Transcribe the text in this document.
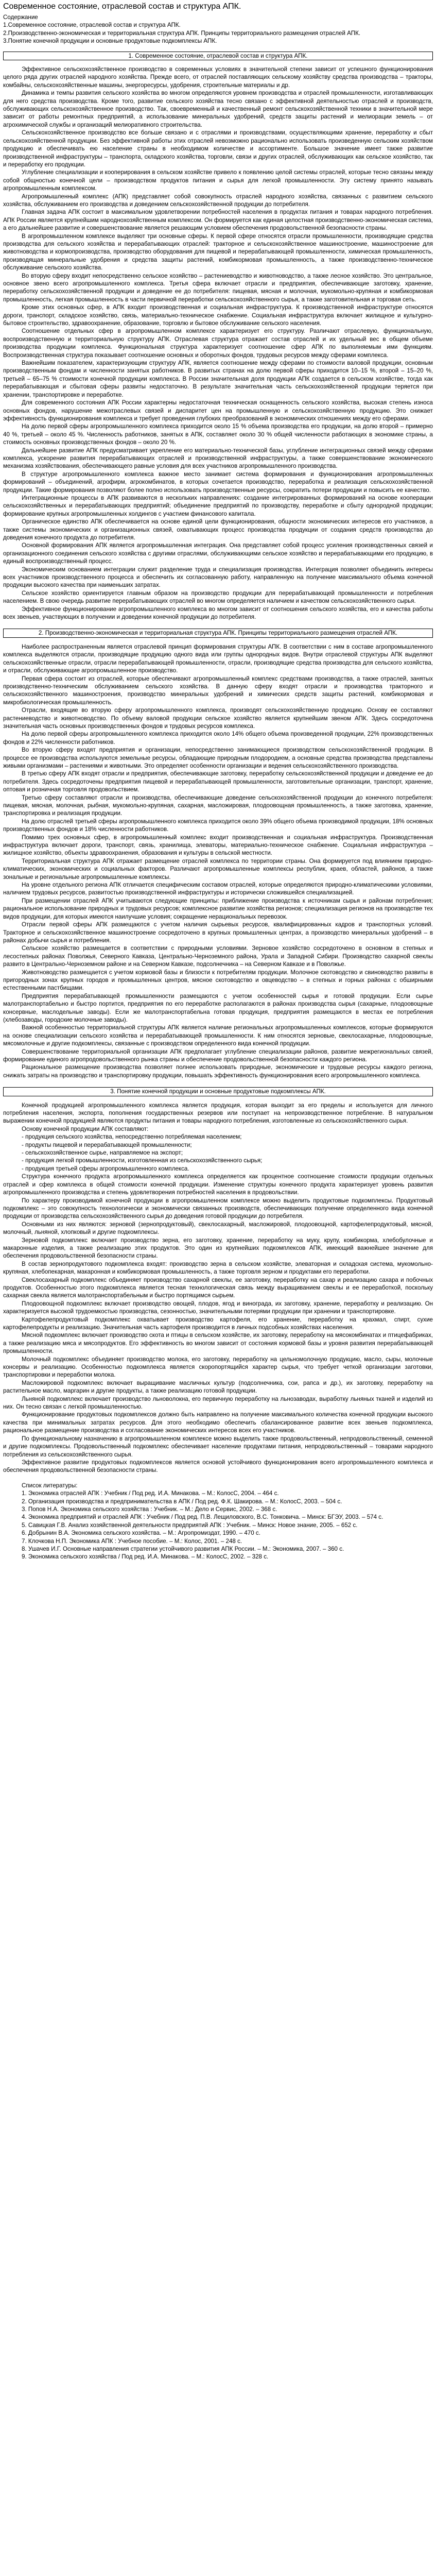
Современное состояние, отраслевой состав и структура АПК.
Содержание
1.Современное состояние, отраслевой состав и структура АПК.
2.Производственно-экономическая и территориальная структура АПК. Принципы территориального размещения отраслей АПК.
3.Понятие конечной продукции и основные продуктовые подкомплексы АПК.
1. Современное состояние, отраслевой состав и структура АПК.
Эффективное сельскохозяйственное производство в современных условиях в значительной степени зависит от успешного функционирования целого ряда других отраслей народного хозяйства. Прежде всего, от отраслей поставляющих сельскому хозяйству средства производства – тракторы, комбайны, сельскохозяйственные машины, энергоресурсы, удобрения, строительные материалы и др.
Динамика и темпы развития сельского хозяйства во многом определяются уровнем производства и отраслей промышленности, изготавливающих для него средства производства. Кроме того, развитие сельского хозяйства тесно связано с эффективной деятельностью отраслей и производств, обслуживающих сельскохозяйственное производство. Так, своевременный и качественный ремонт сельскохозяйственной техники в значительной мере зависит от работы ремонтных предприятий, а использование минеральных удобрений, средств защиты растений и мелиорации земель – от агрохимической службы и организаций мелиоративного строительства.
Сельскохозяйственное производство все больше связано и с отраслями и производствами, осуществляющими хранение, переработку и сбыт сельскохозяйственной продукции. Без эффективной работы этих отраслей невозможно рационально использовать произведенную сельским хозяйством продукцию и обеспечивать ею население страны в необходимом количестве и ассортименте. Большое значение имеет также развитие производственной инфраструктуры – транспорта, складского хозяйства, торговли, связи и других отраслей, обслуживающих как сельское хозяйство, так и переработку его продукции.
Углубление специализации и кооперирования в сельском хозяйстве привело к появлению целой системы отраслей, которые тесно связаны между собой общностью конечной цели – производством продуктов питания и сырья для легкой промышленности. Эту систему принято называть агропромышленным комплексом.
Агропромышленный комплекс (АПК) представляет собой совокупность отраслей народного хозяйства, связанных с развитием сельского хозяйства, обслуживанием его производства и доведением сельскохозяйственной продукции до потребителя.
Главная задача АПК состоит в максимальном удовлетворении потребностей населения в продуктах питания и товарах народного потребления. АПК России является крупнейшим народнохозяйственным комплексом. Он формируется как единая целостная производственно-экономическая система, а его дальнейшее развитие и совершенствование является решающим условием обеспечения продовольственной безопасности страны.
В агропромышленном комплексе выделяют три основные сферы. К первой сфере относятся отрасли промышленности, производящие средства производства для сельского хозяйства и перерабатывающих отраслей: тракторное и сельскохозяйственное машиностроение, машиностроение для животноводства и кормопроизводства, производство оборудования для пищевой и перерабатывающей промышленности, химическая промышленность, производящая минеральные удобрения и средства защиты растений, комбикормовая промышленность, а также производственно-техническое обслуживание сельского хозяйства.
Во вторую сферу входит непосредственно сельское хозяйство – растениеводство и животноводство, а также лесное хозяйство. Это центральное, основное звено всего агропромышленного комплекса. Третья сфера включает отрасли и предприятия, обеспечивающие заготовку, хранение, переработку сельскохозяйственной продукции и доведение ее до потребителя: пищевая, мясная и молочная, мукомольно-крупяная и комбикормовая промышленность, легкая промышленность в части первичной переработки сельскохозяйственного сырья, а также заготовительная и торговая сеть.
Кроме этих основных сфер, в АПК входит производственная и социальная инфраструктура. К производственной инфраструктуре относятся дороги, транспорт, складское хозяйство, связь, материально-техническое снабжение. Социальная инфраструктура включает жилищное и культурно-бытовое строительство, здравоохранение, образование, торговлю и бытовое обслуживание сельского населения.
Соотношение отдельных сфер в агропромышленном комплексе характеризует его структуру. Различают отраслевую, функциональную, воспроизводственную и территориальную структуру АПК. Отраслевая структура отражает состав отраслей и их удельный вес в общем объеме производства продукции комплекса. Функциональная структура характеризует соотношение сфер АПК по выполняемым ими функциям. Воспроизводственная структура показывает соотношение основных и оборотных фондов, трудовых ресурсов между сферами комплекса.
Важнейшим показателем, характеризующим структуру АПК, является соотношение между сферами по стоимости валовой продукции, основным производственным фондам и численности занятых работников. В развитых странах на долю первой сферы приходится 10–15 %, второй – 15–20 %, третьей – 65–75 % стоимости конечной продукции комплекса. В России значительная доля продукции АПК создается в сельском хозяйстве, тогда как перерабатывающая и сбытовая сферы развиты недостаточно. В результате значительная часть сельскохозяйственной продукции теряется при хранении, транспортировке и переработке.
Для современного состояния АПК России характерны недостаточная техническая оснащенность сельского хозяйства, высокая степень износа основных фондов, нарушение межотраслевых связей и диспаритет цен на промышленную и сельскохозяйственную продукцию. Это снижает эффективность функционирования комплекса и требует проведения глубоких преобразований в экономических отношениях между его сферами.
На долю первой сферы агропромышленного комплекса приходится около 15 % объема производства его продукции, на долю второй – примерно 40 %, третьей – около 45 %. Численность работников, занятых в АПК, составляет около 30 % общей численности работающих в экономике страны, а стоимость основных производственных фондов – около 20 %.
Дальнейшее развитие АПК предусматривает укрепление его материально-технической базы, углубление интеграционных связей между сферами комплекса, ускорение развития перерабатывающих отраслей и производственной инфраструктуры, а также совершенствование экономического механизма хозяйствования, обеспечивающего равные условия для всех участников агропромышленного производства.
В структуре агропромышленного комплекса важное место занимает система формирования и функционирования агропромышленных формирований – объединений, агрофирм, агрокомбинатов, в которых сочетается производство, переработка и реализация сельскохозяйственной продукции. Такие формирования позволяют более полно использовать производственные ресурсы, сократить потери продукции и повысить ее качество.
Интеграционные процессы в АПК развиваются в нескольких направлениях: создание интегрированных формирований на основе кооперации сельскохозяйственных и перерабатывающих предприятий; объединение предприятий по производству, переработке и сбыту однородной продукции; формирование крупных агропромышленных холдингов с участием финансового капитала.
Органическое единство АПК обеспечивается на основе единой цели функционирования, общности экономических интересов его участников, а также системы экономических и организационных связей, охватывающих процесс производства продукции от создания средств производства до доведения конечного продукта до потребителя.
Основной формирования АПК является агропромышленная интеграция. Она представляет собой процесс усиления производственных связей и организационного соединения сельского хозяйства с другими отраслями, обслуживающими сельское хозяйство и перерабатывающими его продукцию, в единый воспроизводственный процесс.
Экономическим основанием интеграции служит разделение труда и специализация производства. Интеграция позволяет объединить интересы всех участников производственного процесса и обеспечить их согласованную работу, направленную на получение максимального объема конечной продукции высокого качества при наименьших затратах.
Сельское хозяйство ориентируется главным образом на производство продукции для перерабатывающей промышленности и потребления населением. В свою очередь развитие перерабатывающих отраслей во многом определяется наличием и качеством сельскохозяйственного сырья.
Эффективное функционирование агропромышленного комплекса во многом зависит от соотношения сельского хозяйства, его и качества работы всех звеньев, участвующих в получении и доведении конечной продукции до потребителя.
2. Производственно-экономическая и территориальная структура АПК. Принципы территориального размещения отраслей АПК.
Наиболее распространенным является отраслевой принцип формирования структуры АПК. В соответствии с ним в составе агропромышленного комплекса выделяются отрасли, производящие продукцию одного вида или группы однородных видов. Внутри отраслевой структуры АПК выделяют сельскохозяйственные отрасли, отрасли перерабатывающей промышленности, отрасли, производящие средства производства для сельского хозяйства, и отрасли, обслуживающие агропромышленное производство.
Первая сфера состоит из отраслей, которые обеспечивают агропромышленный комплекс средствами производства, а также отраслей, занятых производственно-техническим обслуживанием сельского хозяйства. В данную сферу входят отрасли и производства тракторного и сельскохозяйственного машиностроения, производство минеральных удобрений и химических средств защиты растений, комбикормовая и микробиологическая промышленность.
Отрасли, входящие во вторую сферу агропромышленного комплекса, производят сельскохозяйственную продукцию. Основу ее составляют растениеводство и животноводство. По объему валовой продукции сельское хозяйство является крупнейшим звеном АПК. Здесь сосредоточена значительная часть основных производственных фондов и трудовых ресурсов комплекса.
На долю первой сферы агропромышленного комплекса приходится около 14% общего объема произведенной продукции, 22% производственных фондов и 22% численности работников.
Во вторую сферу входят предприятия и организации, непосредственно занимающиеся производством сельскохозяйственной продукции. В процессе ее производства используются земельные ресурсы, обладающие природным плодородием, а основные средства производства представлены живыми организмами – растениями и животными. Это определяет особенности организации и ведения сельскохозяйственного производства.
В третью сферу АПК входят отрасли и предприятия, обеспечивающие заготовку, переработку сельскохозяйственной продукции и доведение ее до потребителя. Здесь сосредоточены предприятия пищевой и перерабатывающей промышленности, заготовительные организации, транспорт, хранение, оптовая и розничная торговля продовольствием.
Третью сферу составляют отрасли и производства, обеспечивающие доведение сельскохозяйственной продукции до конечного потребителя: пищевая, мясная, молочная, рыбная, мукомольно-крупяная, сахарная, масложировая, плодоовощная промышленность, а также заготовка, хранение, транспортировка и реализация продукции.
На долю отраслей третьей сферы агропромышленного комплекса приходится около 39% общего объема производимой продукции, 18% основных производственных фондов и 18% численности работников.
Помимо трех основных сфер, в агропромышленный комплекс входит производственная и социальная инфраструктура. Производственная инфраструктура включает дороги, транспорт, связь, хранилища, элеваторы, материально-техническое снабжение. Социальная инфраструктура – жилищное хозяйство, объекты здравоохранения, образования и культуры в сельской местности.
Территориальная структура АПК отражает размещение отраслей комплекса по территории страны. Она формируется под влиянием природно-климатических, экономических и социальных факторов. Различают агропромышленные комплексы республик, краев, областей, районов, а также зональные и региональные агропромышленные комплексы.
На уровне отдельного региона АПК отличается специфическим составом отраслей, которые определяются природно-климатическими условиями, наличием трудовых ресурсов, развитостью производственной инфраструктуры и исторически сложившейся специализацией.
При размещении отраслей АПК учитываются следующие принципы: приближение производства к источникам сырья и районам потребления; рациональное использование природных и трудовых ресурсов; комплексное развитие хозяйства регионов; специализация регионов на производстве тех видов продукции, для которых имеются наилучшие условия; сокращение нерациональных перевозок.
Отрасли первой сферы АПК размещаются с учетом наличия сырьевых ресурсов, квалифицированных кадров и транспортных условий. Тракторное и сельскохозяйственное машиностроение сосредоточено в крупных промышленных центрах, а производство минеральных удобрений – в районах добычи сырья и потребления.
Сельское хозяйство размещается в соответствии с природными условиями. Зерновое хозяйство сосредоточено в основном в степных и лесостепных районах Поволжья, Северного Кавказа, Центрально-Черноземного района, Урала и Западной Сибири. Производство сахарной свеклы развито в Центрально-Черноземном районе и на Северном Кавказе, подсолнечника – на Северном Кавказе и в Поволжье.
Животноводство размещается с учетом кормовой базы и близости к потребителям продукции. Молочное скотоводство и свиноводство развиты в пригородных зонах крупных городов и промышленных центров, мясное скотоводство и овцеводство – в степных и горных районах с обширными естественными пастбищами.
Предприятия перерабатывающей промышленности размещаются с учетом особенностей сырья и готовой продукции. Если сырье малотранспортабельно и быстро портится, предприятия по его переработке располагаются в районах производства сырья (сахарные, плодоовощные консервные, маслодельные заводы). Если же малотранспортабельна готовая продукция, предприятия размещаются в местах ее потребления (хлебозаводы, городские молочные заводы).
Важной особенностью территориальной структуры АПК является наличие региональных агропромышленных комплексов, которые формируются на основе специализации сельского хозяйства и перерабатывающей промышленности. К ним относятся зерновые, свеклосахарные, плодоовощные, мясомолочные и другие подкомплексы, связанные с производством определенного вида конечной продукции.
Совершенствование территориальной организации АПК предполагает углубление специализации районов, развитие межрегиональных связей, формирование единого агропродовольственного рынка страны и обеспечение продовольственной безопасности каждого региона.
Рациональное размещение производства позволяет полнее использовать природные, экономические и трудовые ресурсы каждого региона, снижать затраты на производство и транспортировку продукции, повышать эффективность функционирования всего агропромышленного комплекса.
3. Понятие конечной продукции и основные продуктовые подкомплексы АПК.
Конечной продукцией агропромышленного комплекса является продукция, которая выходит за его пределы и используется для личного потребления населения, экспорта, пополнения государственных резервов или поступает на непроизводственное потребление. В натуральном выражении конечной продукцией являются продукты питания и товары народного потребления, изготовленные из сельскохозяйственного сырья.
Основу конечной продукции АПК составляют:
- продукция сельского хозяйства, непосредственно потребляемая населением;
- продукты пищевой и перерабатывающей промышленности;
- сельскохозяйственное сырье, направляемое на экспорт;
- продукция легкой промышленности, изготовленная из сельскохозяйственного сырья;
- продукция третьей сферы агропромышленного комплекса.
Структура конечного продукта агропромышленного комплекса определяется как процентное соотношение стоимости продукции отдельных отраслей и сфер комплекса в общей стоимости конечной продукции. Изменение структуры конечного продукта характеризует уровень развития агропромышленного производства и степень удовлетворения потребностей населения в продовольствии.
По характеру производимой конечной продукции в агропромышленном комплексе можно выделить продуктовые подкомплексы. Продуктовый подкомплекс – это совокупность технологически и экономически связанных производств, обеспечивающих получение определенного вида конечной продукции от производства сельскохозяйственного сырья до доведения готовой продукции до потребителя.
Основными из них являются: зерновой (зернопродуктовый), свеклосахарный, масложировой, плодоовощной, картофелепродуктовый, мясной, молочный, льняной, хлопковый и другие подкомплексы.
Зерновой подкомплекс включает производство зерна, его заготовку, хранение, переработку на муку, крупу, комбикорма, хлебобулочные и макаронные изделия, а также реализацию этих продуктов. Это один из крупнейших подкомплексов АПК, имеющий важнейшее значение для обеспечения продовольственной безопасности страны.
В состав зернопродуктового подкомплекса входят: производство зерна в сельском хозяйстве, элеваторная и складская система, мукомольно-крупяная, хлебопекарная, макаронная и комбикормовая промышленность, а также торговля зерном и продуктами его переработки.
Свеклосахарный подкомплекс объединяет производство сахарной свеклы, ее заготовку, переработку на сахар и реализацию сахара и побочных продуктов. Особенностью этого подкомплекса является тесная технологическая связь между выращиванием свеклы и ее переработкой, поскольку сахарная свекла является малотранспортабельным и быстро портящимся сырьем.
Плодоовощной подкомплекс включает производство овощей, плодов, ягод и винограда, их заготовку, хранение, переработку и реализацию. Он характеризуется высокой трудоемкостью производства, сезонностью, значительными потерями продукции при хранении и транспортировке.
Картофелепродуктовый подкомплекс охватывает производство картофеля, его хранение, переработку на крахмал, спирт, сухие картофелепродукты и реализацию. Значительная часть картофеля производится в личных подсобных хозяйствах населения.
Мясной подкомплекс включает производство скота и птицы в сельском хозяйстве, их заготовку, переработку на мясокомбинатах и птицефабриках, а также реализацию мяса и мясопродуктов. Его эффективность во многом зависит от состояния кормовой базы и уровня развития перерабатывающей промышленности.
Молочный подкомплекс объединяет производство молока, его заготовку, переработку на цельномолочную продукцию, масло, сыры, молочные консервы и реализацию. Особенностью подкомплекса является скоропортящийся характер сырья, что требует четкой организации заготовки, транспортировки и переработки молока.
Масложировой подкомплекс включает выращивание масличных культур (подсолнечника, сои, рапса и др.), их заготовку, переработку на растительное масло, маргарин и другие продукты, а также реализацию готовой продукции.
Льняной подкомплекс включает производство льноволокна, его первичную переработку на льнозаводах, выработку льняных тканей и изделий из них. Он тесно связан с легкой промышленностью.
Функционирование продуктовых подкомплексов должно быть направлено на получение максимального количества конечной продукции высокого качества при минимальных затратах ресурсов. Для этого необходимо обеспечить сбалансированное развитие всех звеньев подкомплекса, рациональное размещение производства и согласование экономических интересов всех его участников.
По функциональному назначению в агропромышленном комплексе можно выделить также продовольственный, непродовольственный, семенной и другие подкомплексы. Продовольственный подкомплекс обеспечивает население продуктами питания, непродовольственный – товарами народного потребления из сельскохозяйственного сырья.
Эффективное развитие продуктовых подкомплексов является основой устойчивого функционирования всего агропромышленного комплекса и обеспечения продовольственной безопасности страны.
Список литературы:
1. Экономика отраслей АПК : Учебник / Под ред. И.А. Минакова. – М.: КолосС, 2004. – 464 с.
2. Организация производства и предпринимательства в АПК / Под ред. Ф.К. Шакирова. – М.: КолосС, 2003. – 504 с.
3. Попов Н.А. Экономика сельского хозяйства : Учебник. – М.: Дело и Сервис, 2002. – 368 с.
4. Экономика предприятий и отраслей АПК : Учебник / Под ред. П.В. Лещиловского, В.С. Тонковича. – Минск: БГЭУ, 2003. – 574 с.
5. Савицкая Г.В. Анализ хозяйственной деятельности предприятий АПК : Учебник. – Минск: Новое знание, 2005. – 652 с.
6. Добрынин В.А. Экономика сельского хозяйства. – М.: Агропромиздат, 1990. – 470 с.
7. Клочкова Н.П. Экономика АПК : Учебное пособие. – М.: Колос, 2001. – 248 с.
8. Ушачев И.Г. Основные направления стратегии устойчивого развития АПК России. – М.: Экономика, 2007. – 360 с.
9. Экономика сельского хозяйства / Под ред. И.А. Минакова. – М.: КолосС, 2002. – 328 с.
